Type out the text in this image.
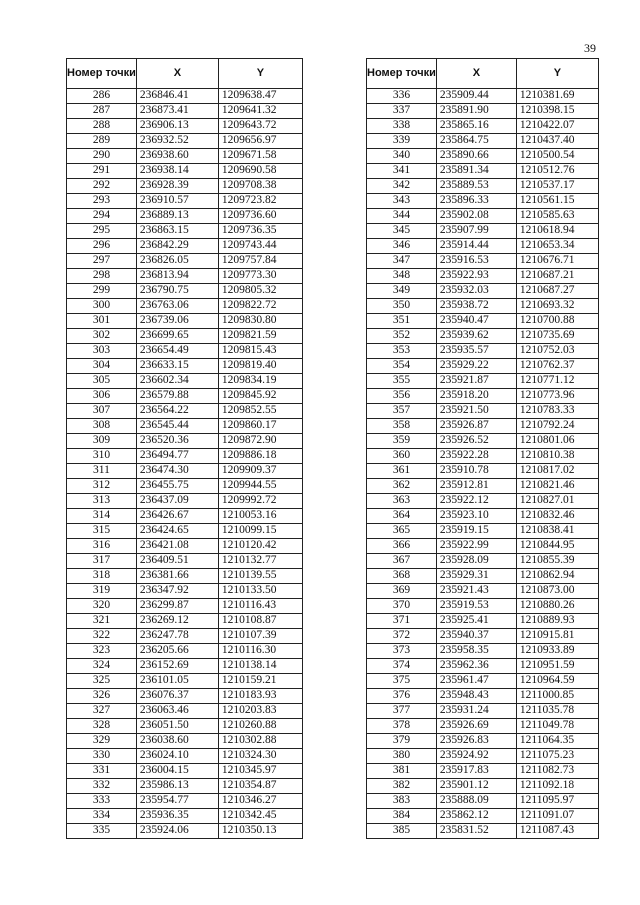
39
Номер точки	X	Y
286	236846.41	1209638.47
287	236873.41	1209641.32
288	236906.13	1209643.72
289	236932.52	1209656.97
290	236938.60	1209671.58
291	236938.14	1209690.58
292	236928.39	1209708.38
293	236910.57	1209723.82
294	236889.13	1209736.60
295	236863.15	1209736.35
296	236842.29	1209743.44
297	236826.05	1209757.84
298	236813.94	1209773.30
299	236790.75	1209805.32
300	236763.06	1209822.72
301	236739.06	1209830.80
302	236699.65	1209821.59
303	236654.49	1209815.43
304	236633.15	1209819.40
305	236602.34	1209834.19
306	236579.88	1209845.92
307	236564.22	1209852.55
308	236545.44	1209860.17
309	236520.36	1209872.90
310	236494.77	1209886.18
311	236474.30	1209909.37
312	236455.75	1209944.55
313	236437.09	1209992.72
314	236426.67	1210053.16
315	236424.65	1210099.15
316	236421.08	1210120.42
317	236409.51	1210132.77
318	236381.66	1210139.55
319	236347.92	1210133.50
320	236299.87	1210116.43
321	236269.12	1210108.87
322	236247.78	1210107.39
323	236205.66	1210116.30
324	236152.69	1210138.14
325	236101.05	1210159.21
326	236076.37	1210183.93
327	236063.46	1210203.83
328	236051.50	1210260.88
329	236038.60	1210302.88
330	236024.10	1210324.30
331	236004.15	1210345.97
332	235986.13	1210354.87
333	235954.77	1210346.27
334	235936.35	1210342.45
335	235924.06	1210350.13
Номер точки	X	Y
336	235909.44	1210381.69
337	235891.90	1210398.15
338	235865.16	1210422.07
339	235864.75	1210437.40
340	235890.66	1210500.54
341	235891.34	1210512.76
342	235889.53	1210537.17
343	235896.33	1210561.15
344	235902.08	1210585.63
345	235907.99	1210618.94
346	235914.44	1210653.34
347	235916.53	1210676.71
348	235922.93	1210687.21
349	235932.03	1210687.27
350	235938.72	1210693.32
351	235940.47	1210700.88
352	235939.62	1210735.69
353	235935.57	1210752.03
354	235929.22	1210762.37
355	235921.87	1210771.12
356	235918.20	1210773.96
357	235921.50	1210783.33
358	235926.87	1210792.24
359	235926.52	1210801.06
360	235922.28	1210810.38
361	235910.78	1210817.02
362	235912.81	1210821.46
363	235922.12	1210827.01
364	235923.10	1210832.46
365	235919.15	1210838.41
366	235922.99	1210844.95
367	235928.09	1210855.39
368	235929.31	1210862.94
369	235921.43	1210873.00
370	235919.53	1210880.26
371	235925.41	1210889.93
372	235940.37	1210915.81
373	235958.35	1210933.89
374	235962.36	1210951.59
375	235961.47	1210964.59
376	235948.43	1211000.85
377	235931.24	1211035.78
378	235926.69	1211049.78
379	235926.83	1211064.35
380	235924.92	1211075.23
381	235917.83	1211082.73
382	235901.12	1211092.18
383	235888.09	1211095.97
384	235862.12	1211091.07
385	235831.52	1211087.43
